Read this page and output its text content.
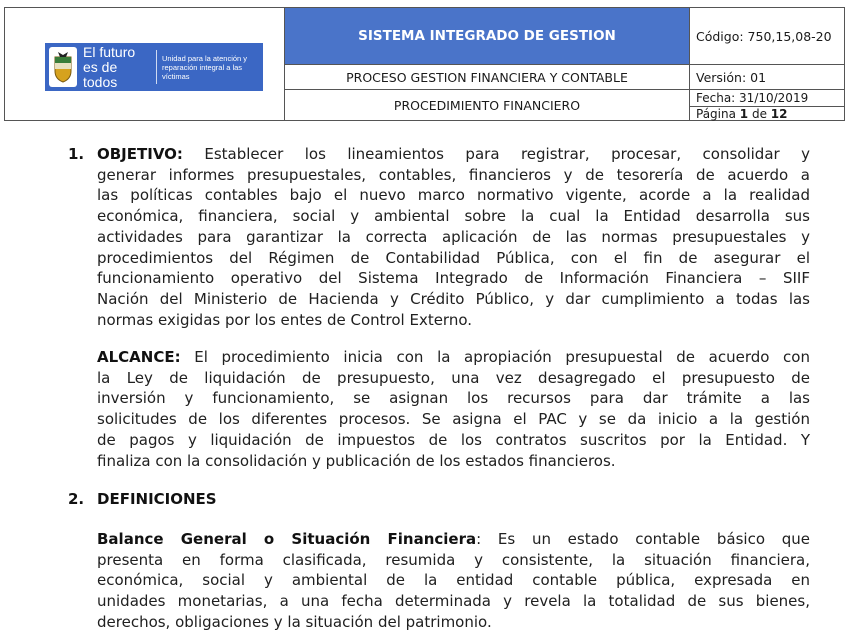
El futuro es de todos
Unidad para la atención y reparación integral a las víctimas
SISTEMA INTEGRADO DE GESTION
PROCESO GESTION FINANCIERA Y CONTABLE
PROCEDIMIENTO FINANCIERO
Código: 750,15,08-20
Versión: 01
Fecha: 31/10/2019
Página 1 de 12
1. OBJETIVO: Establecer los lineamientos para registrar, procesar, consolidar y
generar informes presupuestales, contables, financieros y de tesorería de acuerdo a
las políticas contables bajo el nuevo marco normativo vigente, acorde a la realidad
económica, financiera, social y ambiental sobre la cual la Entidad desarrolla sus
actividades para garantizar la correcta aplicación de las normas presupuestales y
procedimientos del Régimen de Contabilidad Pública, con el fin de asegurar el
funcionamiento operativo del Sistema Integrado de Información Financiera – SIIF
Nación del Ministerio de Hacienda y Crédito Público, y dar cumplimiento a todas las
normas exigidas por los entes de Control Externo.
ALCANCE: El procedimiento inicia con la apropiación presupuestal de acuerdo con
la Ley de liquidación de presupuesto, una vez desagregado el presupuesto de
inversión y funcionamiento, se asignan los recursos para dar trámite a las
solicitudes de los diferentes procesos. Se asigna el PAC y se da inicio a la gestión
de pagos y liquidación de impuestos de los contratos suscritos por la Entidad. Y
finaliza con la consolidación y publicación de los estados financieros.
2. DEFINICIONES
Balance General o Situación Financiera: Es un estado contable básico que
presenta en forma clasificada, resumida y consistente, la situación financiera,
económica, social y ambiental de la entidad contable pública, expresada en
unidades monetarias, a una fecha determinada y revela la totalidad de sus bienes,
derechos, obligaciones y la situación del patrimonio.
